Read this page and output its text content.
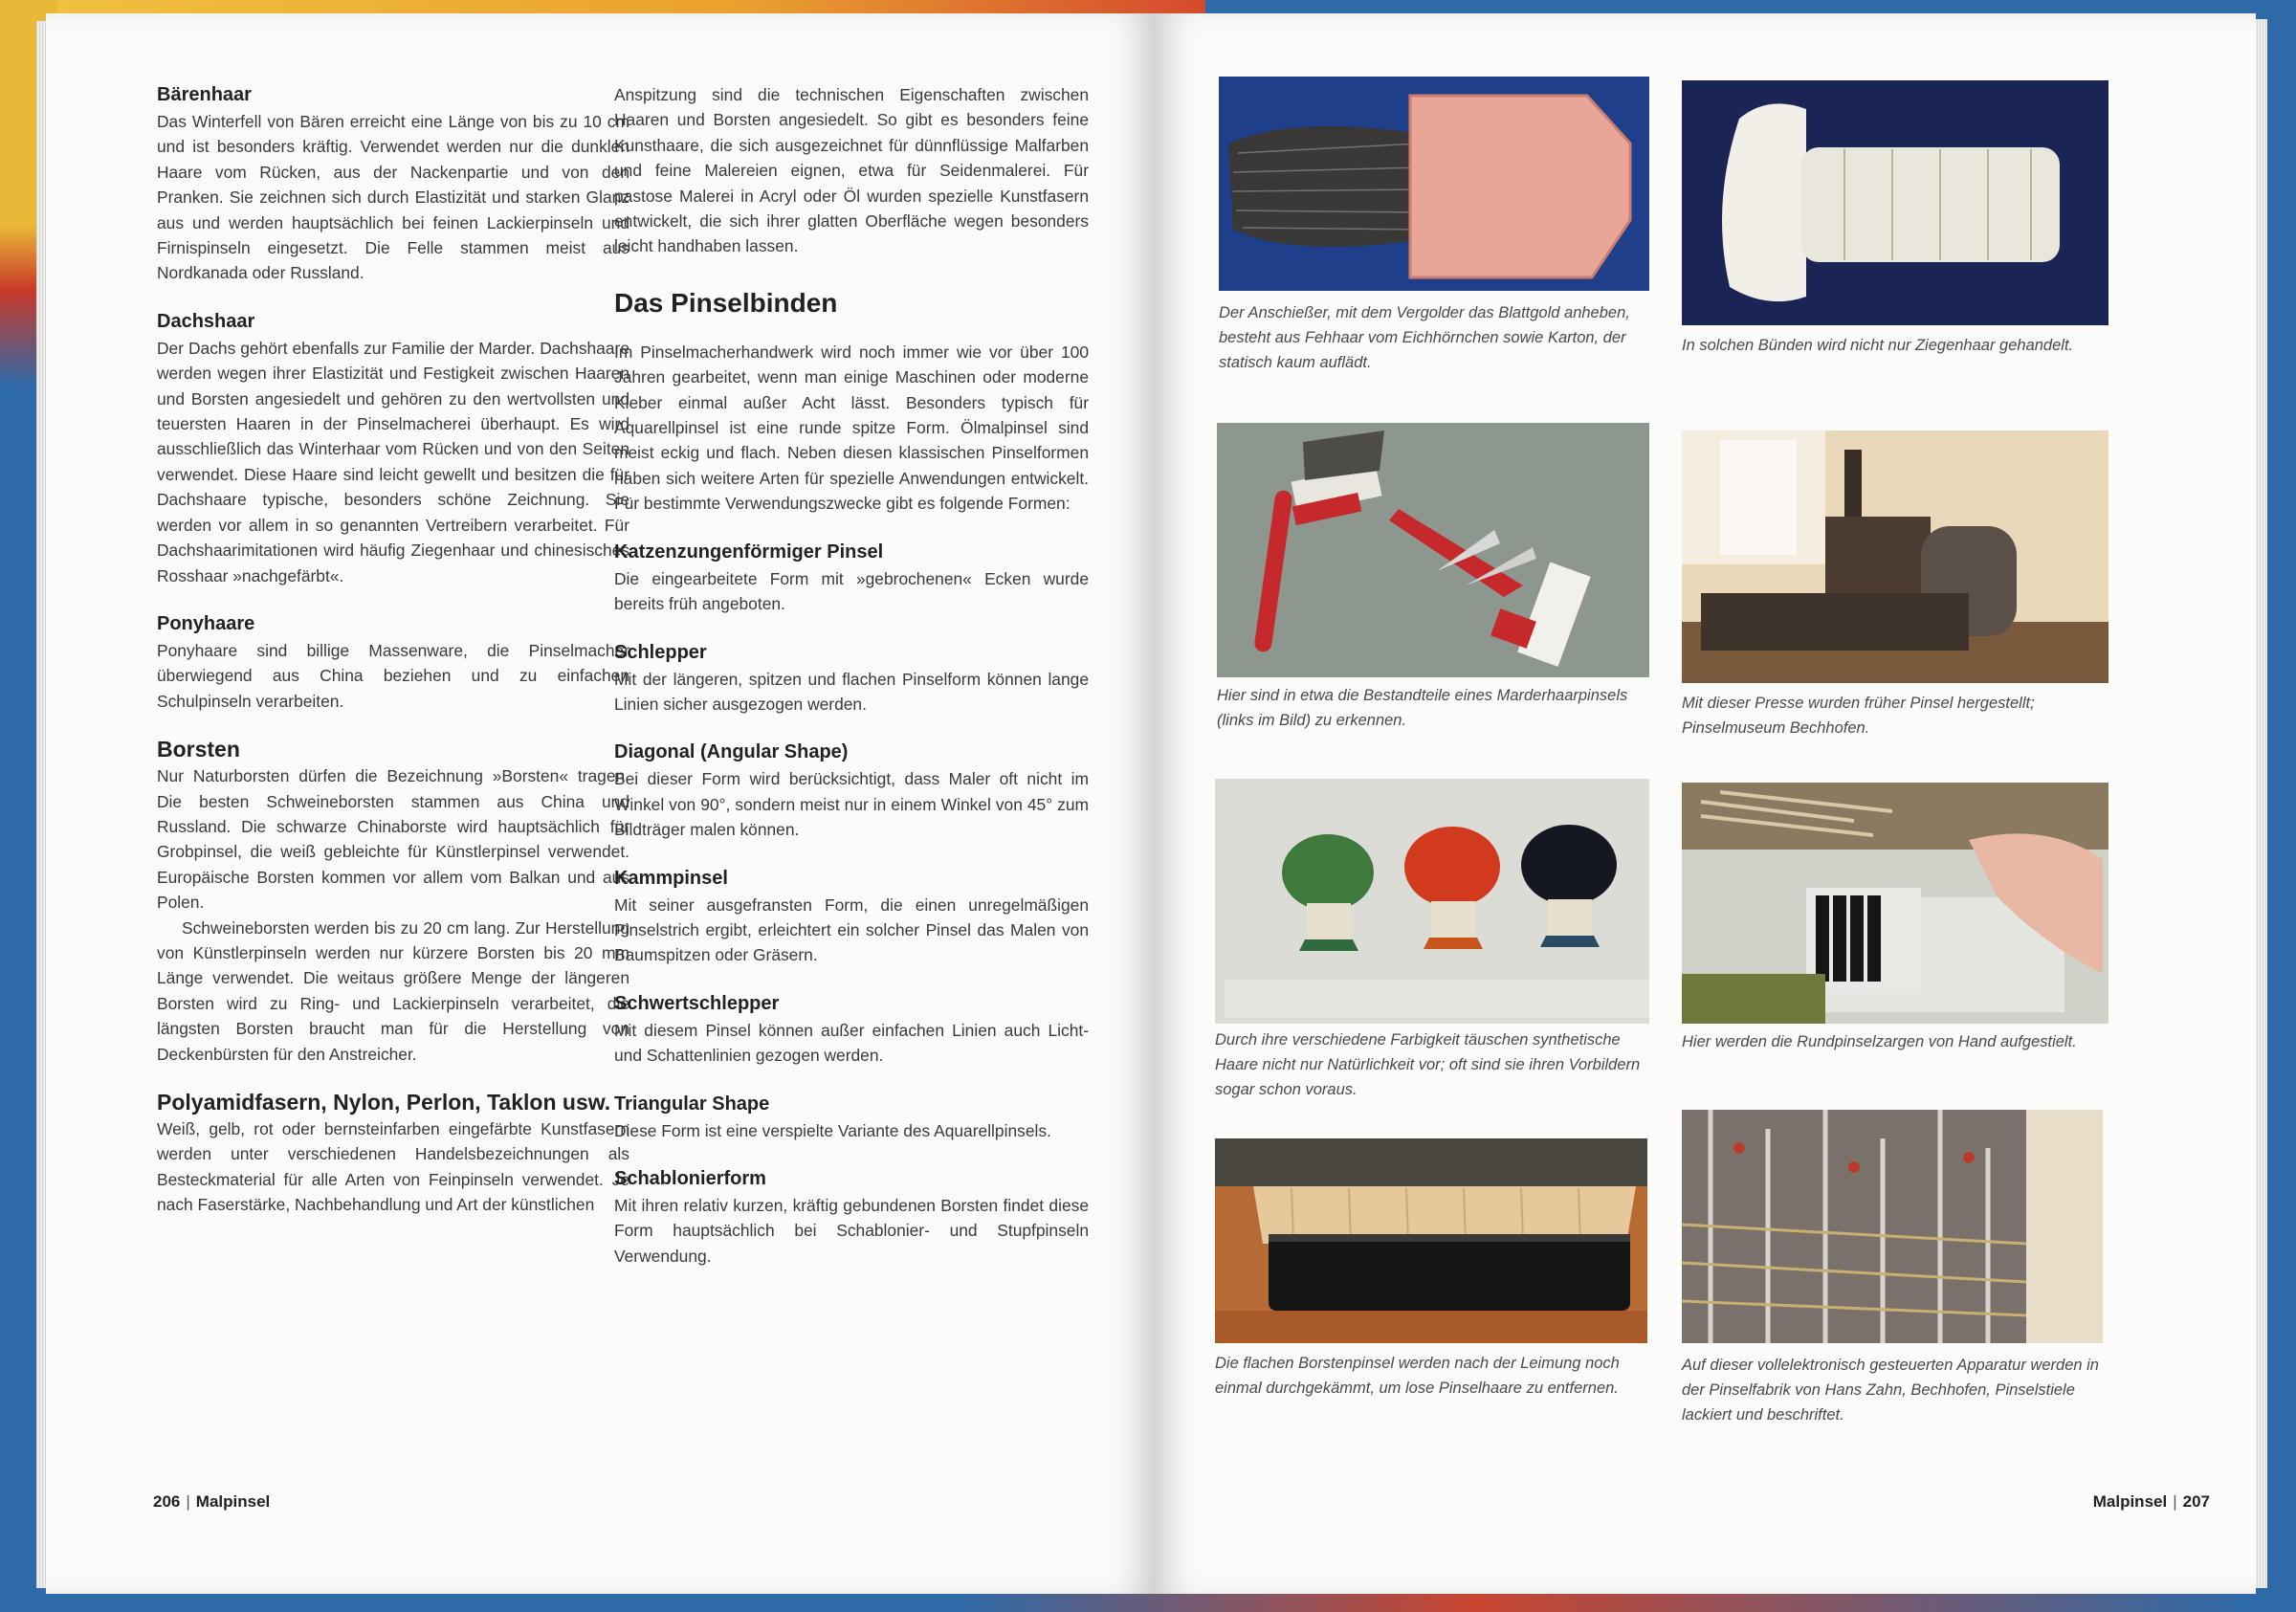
Bärenhaar

Das Winterfell von Bären erreicht eine Länge von bis zu 10 cm und ist besonders kräftig. Verwendet werden nur die dunklen Haare vom Rücken, aus der Nackenpartie und von den Pranken. Sie zeichnen sich durch Elastizität und starken Glanz aus und werden hauptsächlich bei feinen Lackierpinseln und Firnispinseln eingesetzt. Die Felle stammen meist aus Nordkanada oder Russland.

Dachshaar

Der Dachs gehört ebenfalls zur Familie der Marder. Dachshaare werden wegen ihrer Elastizität und Festigkeit zwischen Haaren und Borsten angesiedelt und gehören zu den wertvollsten und teuersten Haaren in der Pinselmacherei überhaupt. Es wird ausschließlich das Winterhaar vom Rücken und von den Seiten verwendet. Diese Haare sind leicht gewellt und besitzen die für Dachshaare typische, besonders schöne Zeichnung. Sie werden vor allem in so genannten Vertreibern verarbeitet. Für Dachshaarimitationen wird häufig Ziegenhaar und chinesisches Rosshaar »nachgefärbt«.

Ponyhaare

Ponyhaare sind billige Massenware, die Pinselmacher überwiegend aus China beziehen und zu einfachen Schulpinseln verarbeiten.

Borsten

Nur Naturborsten dürfen die Bezeichnung »Borsten« tragen. Die besten Schweineborsten stammen aus China und Russland. Die schwarze Chinaborste wird hauptsächlich für Grobpinsel, die weiß gebleichte für Künstlerpinsel verwendet. Europäische Borsten kommen vor allem vom Balkan und aus Polen.

Schweineborsten werden bis zu 20 cm lang. Zur Herstellung von Künstlerpinseln werden nur kürzere Borsten bis 20 mm Länge verwendet. Die weitaus größere Menge der längeren Borsten wird zu Ring- und Lackierpinseln verarbeitet, die längsten Borsten braucht man für die Herstellung von Deckenbürsten für den Anstreicher.

Polyamidfasern, Nylon, Perlon, Taklon usw.

Weiß, gelb, rot oder bernsteinfarben eingefärbte Kunstfasern werden unter verschiedenen Handelsbezeichnungen als Besteckmaterial für alle Arten von Feinpinseln verwendet. Je nach Faserstärke, Nachbehandlung und Art der künstlichen

Anspitzung sind die technischen Eigenschaften zwischen Haaren und Borsten angesiedelt. So gibt es besonders feine Kunsthaare, die sich ausgezeichnet für dünnflüssige Malfarben und feine Malereien eignen, etwa für Seidenmalerei. Für pastose Malerei in Acryl oder Öl wurden spezielle Kunstfasern entwickelt, die sich ihrer glatten Oberfläche wegen besonders leicht handhaben lassen.

Das Pinselbinden

Im Pinselmacherhandwerk wird noch immer wie vor über 100 Jahren gearbeitet, wenn man einige Maschinen oder moderne Kleber einmal außer Acht lässt. Besonders typisch für Aquarellpinsel ist eine runde spitze Form. Ölmalpinsel sind meist eckig und flach. Neben diesen klassischen Pinselformen haben sich weitere Arten für spezielle Anwendungen entwickelt. Für bestimmte Verwendungszwecke gibt es folgende Formen:

Katzenzungenförmiger Pinsel

Die eingearbeitete Form mit »gebrochenen« Ecken wurde bereits früh angeboten.

Schlepper

Mit der längeren, spitzen und flachen Pinselform können lange Linien sicher ausgezogen werden.

Diagonal (Angular Shape)

Bei dieser Form wird berücksichtigt, dass Maler oft nicht im Winkel von 90°, sondern meist nur in einem Winkel von 45° zum Bildträger malen können.

Kammpinsel

Mit seiner ausgefransten Form, die einen unregelmäßigen Pinselstrich ergibt, erleichtert ein solcher Pinsel das Malen von Baumspitzen oder Gräsern.

Schwertschlepper

Mit diesem Pinsel können außer einfachen Linien auch Licht- und Schattenlinien gezogen werden.

Triangular Shape

Diese Form ist eine verspielte Variante des Aquarellpinsels.

Schablonierform

Mit ihren relativ kurzen, kräftig gebundenen Borsten findet diese Form hauptsächlich bei Schablonier- und Stupfpinseln Verwendung.

206 | Malpinsel
Der Anschießer, mit dem Vergolder das Blattgold anheben, besteht aus Fehhaar vom Eichhörnchen sowie Karton, der statisch kaum auflädt.
In solchen Bünden wird nicht nur Ziegenhaar gehandelt.
Hier sind in etwa die Bestandteile eines Marderhaarpinsels (links im Bild) zu erkennen.
Mit dieser Presse wurden früher Pinsel hergestellt; Pinselmuseum Bechhofen.
Durch ihre verschiedene Farbigkeit täuschen synthetische Haare nicht nur Natürlichkeit vor; oft sind sie ihren Vorbildern sogar schon voraus.
Hier werden die Rundpinselzargen von Hand aufgestielt.
Die flachen Borstenpinsel werden nach der Leimung noch einmal durchgekämmt, um lose Pinselhaare zu entfernen.
Auf dieser vollelektronisch gesteuerten Apparatur werden in der Pinselfabrik von Hans Zahn, Bechhofen, Pinselstiele lackiert und beschriftet.
Malpinsel | 207
